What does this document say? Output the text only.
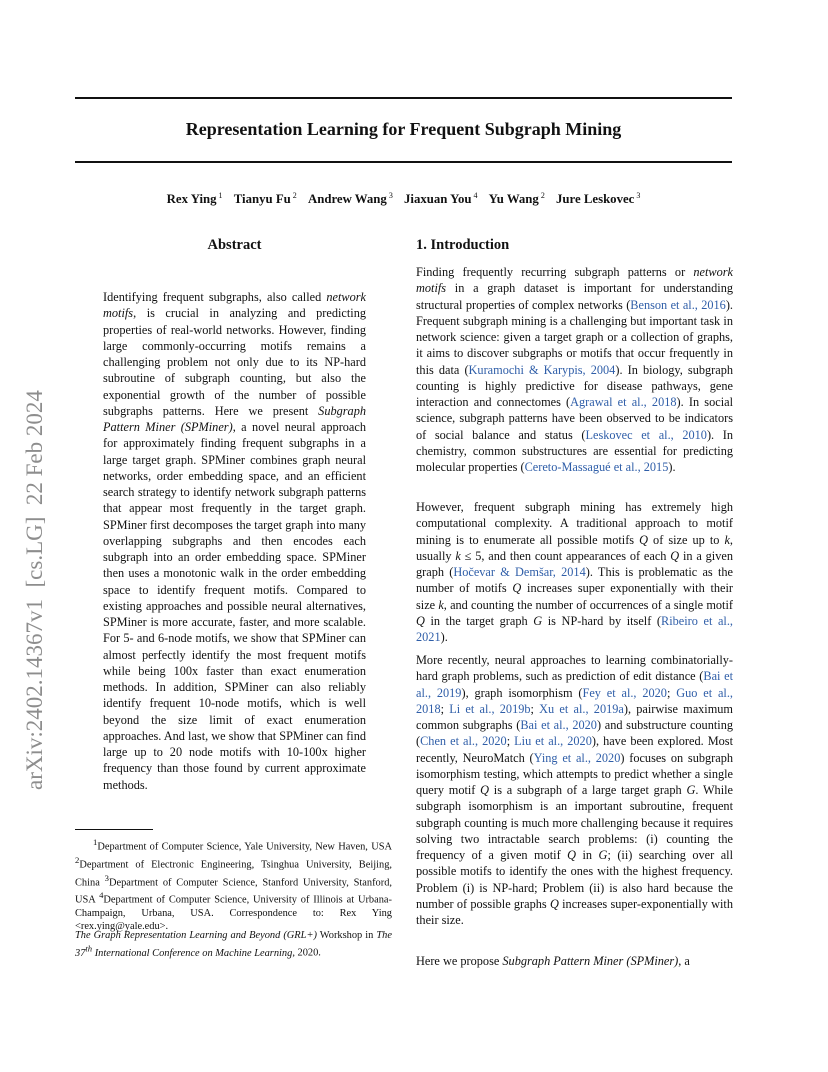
Representation Learning for Frequent Subgraph Mining
Rex Ying $^1$ Tianyu Fu $^2$ Andrew Wang $^3$ Jiaxuan You $^4$ Yu Wang $^2$ Jure Leskovec $^3$
arXiv:2402.14367v1  [cs.LG]  22 Feb 2024
Abstract
Identifying frequent subgraphs, also called network motifs, is crucial in analyzing and predicting properties of real-world networks. However, finding large commonly-occurring motifs remains a challenging problem not only due to its NP-hard subroutine of subgraph counting, but also the exponential growth of the number of possible subgraphs patterns. Here we present Subgraph Pattern Miner (SPMiner), a novel neural approach for approximately finding frequent subgraphs in a large target graph. SPMiner combines graph neural networks, order embedding space, and an efficient search strategy to identify network subgraph patterns that appear most frequently in the target graph. SPMiner first decomposes the target graph into many overlapping subgraphs and then encodes each subgraph into an order embedding space. SPMiner then uses a monotonic walk in the order embedding space to identify frequent motifs. Compared to existing approaches and possible neural alternatives, SPMiner is more accurate, faster, and more scalable. For 5- and 6-node motifs, we show that SPMiner can almost perfectly identify the most frequent motifs while being 100x faster than exact enumeration methods. In addition, SPMiner can also reliably identify frequent 10-node motifs, which is well beyond the size limit of exact enumeration approaches. And last, we show that SPMiner can find large up to 20 node motifs with 10-100x higher frequency than those found by current approximate methods.
$^1$Department of Computer Science, Yale University, New Haven, USA $^2$Department of Electronic Engineering, Tsinghua University, Beijing, China $^3$Department of Computer Science, Stanford University, Stanford, USA $^4$Department of Computer Science, University of Illinois at Urbana-Champaign, Urbana, USA. Correspondence to: Rex Ying <rex.ying@yale.edu>.
The Graph Representation Learning and Beyond (GRL+) Workshop in The 37th International Conference on Machine Learning, 2020.
1. Introduction
Finding frequently recurring subgraph patterns or network motifs in a graph dataset is important for understanding structural properties of complex networks (Benson et al., 2016). Frequent subgraph mining is a challenging but important task in network science: given a target graph or a collection of graphs, it aims to discover subgraphs or motifs that occur frequently in this data (Kuramochi & Karypis, 2004). In biology, subgraph counting is highly predictive for disease pathways, gene interaction and connectomes (Agrawal et al., 2018). In social science, subgraph patterns have been observed to be indicators of social balance and status (Leskovec et al., 2010). In chemistry, common substructures are essential for predicting molecular properties (Cereto-Massagué et al., 2015).
However, frequent subgraph mining has extremely high computational complexity. A traditional approach to motif mining is to enumerate all possible motifs Q of size up to k, usually k ≤ 5, and then count appearances of each Q in a given graph (Hočevar & Demšar, 2014). This is problematic as the number of motifs Q increases super exponentially with their size k, and counting the number of occurrences of a single motif Q in the target graph G is NP-hard by itself (Ribeiro et al., 2021).
More recently, neural approaches to learning combinatorially-hard graph problems, such as prediction of edit distance (Bai et al., 2019), graph isomorphism (Fey et al., 2020; Guo et al., 2018; Li et al., 2019b; Xu et al., 2019a), pairwise maximum common subgraphs (Bai et al., 2020) and substructure counting (Chen et al., 2020; Liu et al., 2020), have been explored. Most recently, NeuroMatch (Ying et al., 2020) focuses on subgraph isomorphism testing, which attempts to predict whether a single query motif Q is a subgraph of a large target graph G. While subgraph isomorphism is an important subroutine, frequent subgraph counting is much more challenging because it requires solving two intractable search problems: (i) counting the frequency of a given motif Q in G; (ii) searching over all possible motifs to identify the ones with the highest frequency. Problem (i) is NP-hard; Problem (ii) is also hard because the number of possible graphs Q increases super-exponentially with their size.
Here we propose Subgraph Pattern Miner (SPMiner), a
